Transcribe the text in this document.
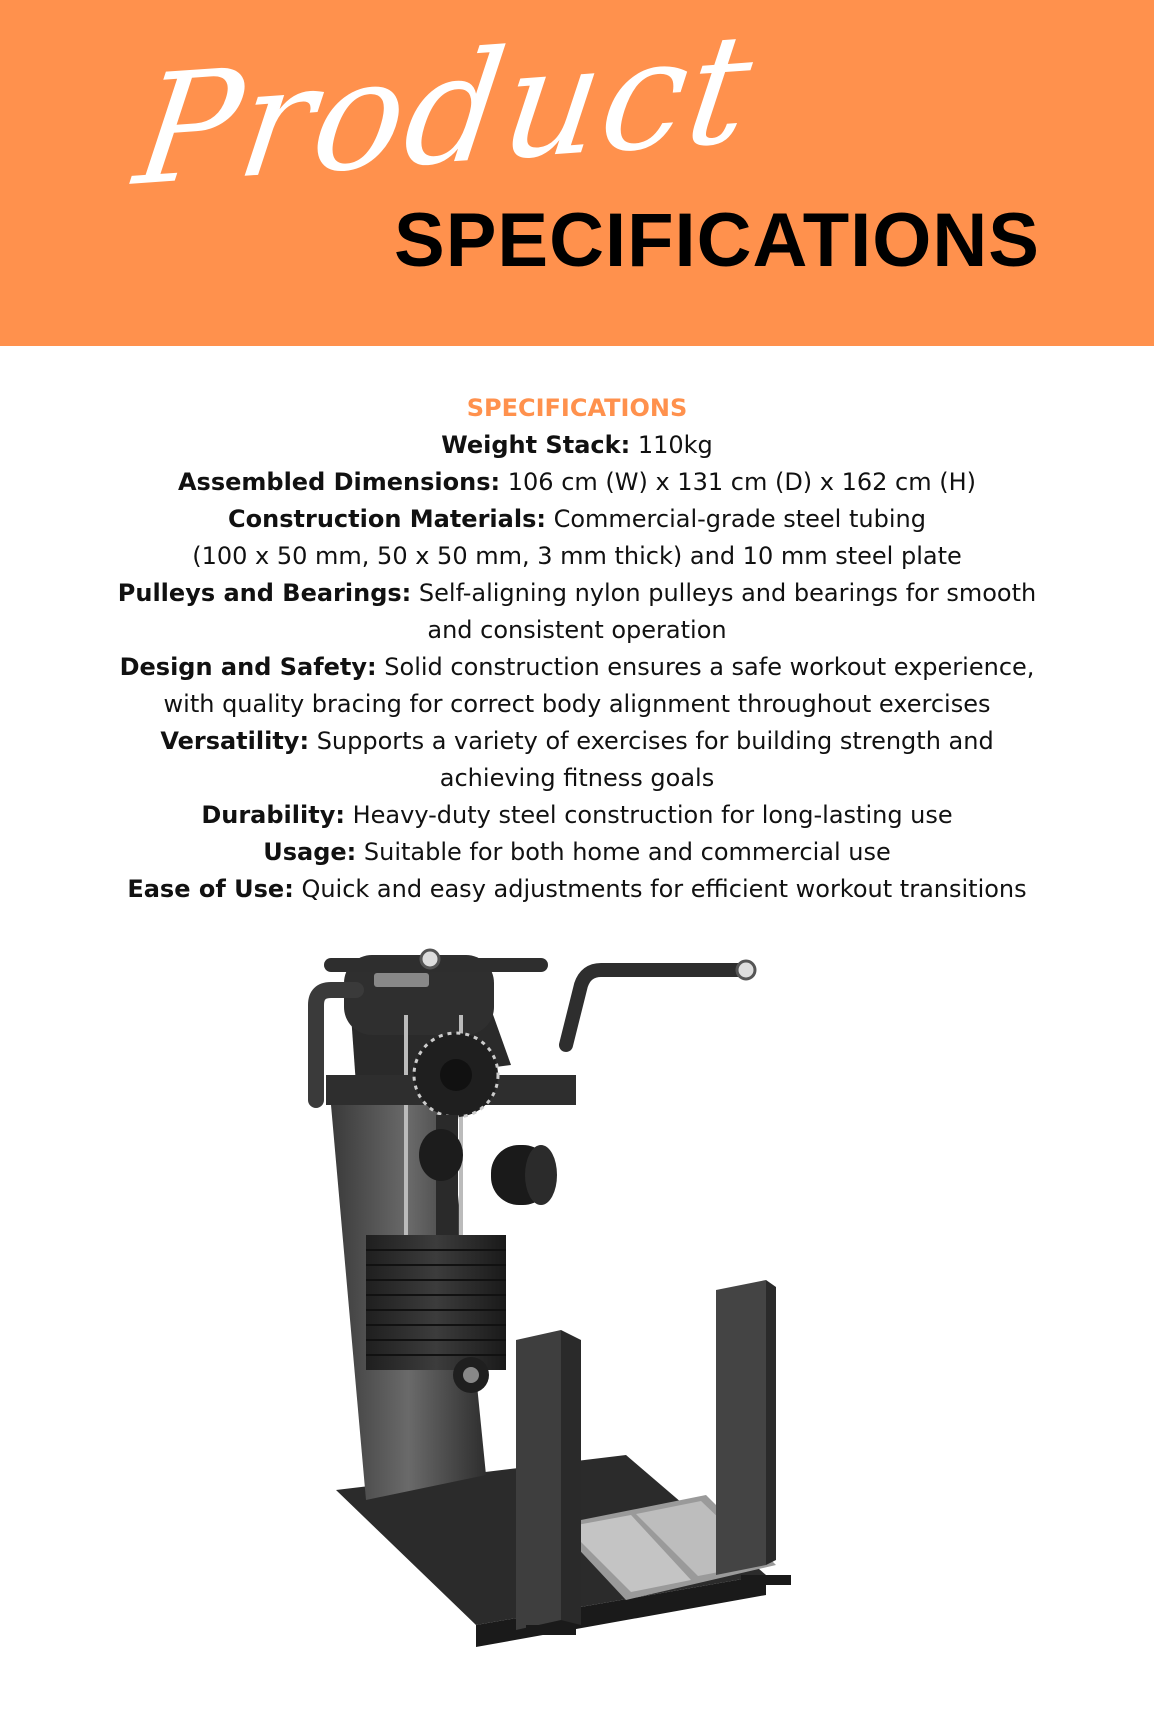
Product
SPECIFICATIONS
SPECIFICATIONS
Weight Stack: 110kg
Assembled Dimensions: 106 cm (W) x 131 cm (D) x 162 cm (H)
Construction Materials: Commercial-grade steel tubing
(100 x 50 mm, 50 x 50 mm, 3 mm thick) and 10 mm steel plate
Pulleys and Bearings: Self-aligning nylon pulleys and bearings for smooth
and consistent operation
Design and Safety: Solid construction ensures a safe workout experience,
with quality bracing for correct body alignment throughout exercises
Versatility: Supports a variety of exercises for building strength and
achieving fitness goals
Durability: Heavy-duty steel construction for long-lasting use
Usage: Suitable for both home and commercial use
Ease of Use: Quick and easy adjustments for efficient workout transitions
